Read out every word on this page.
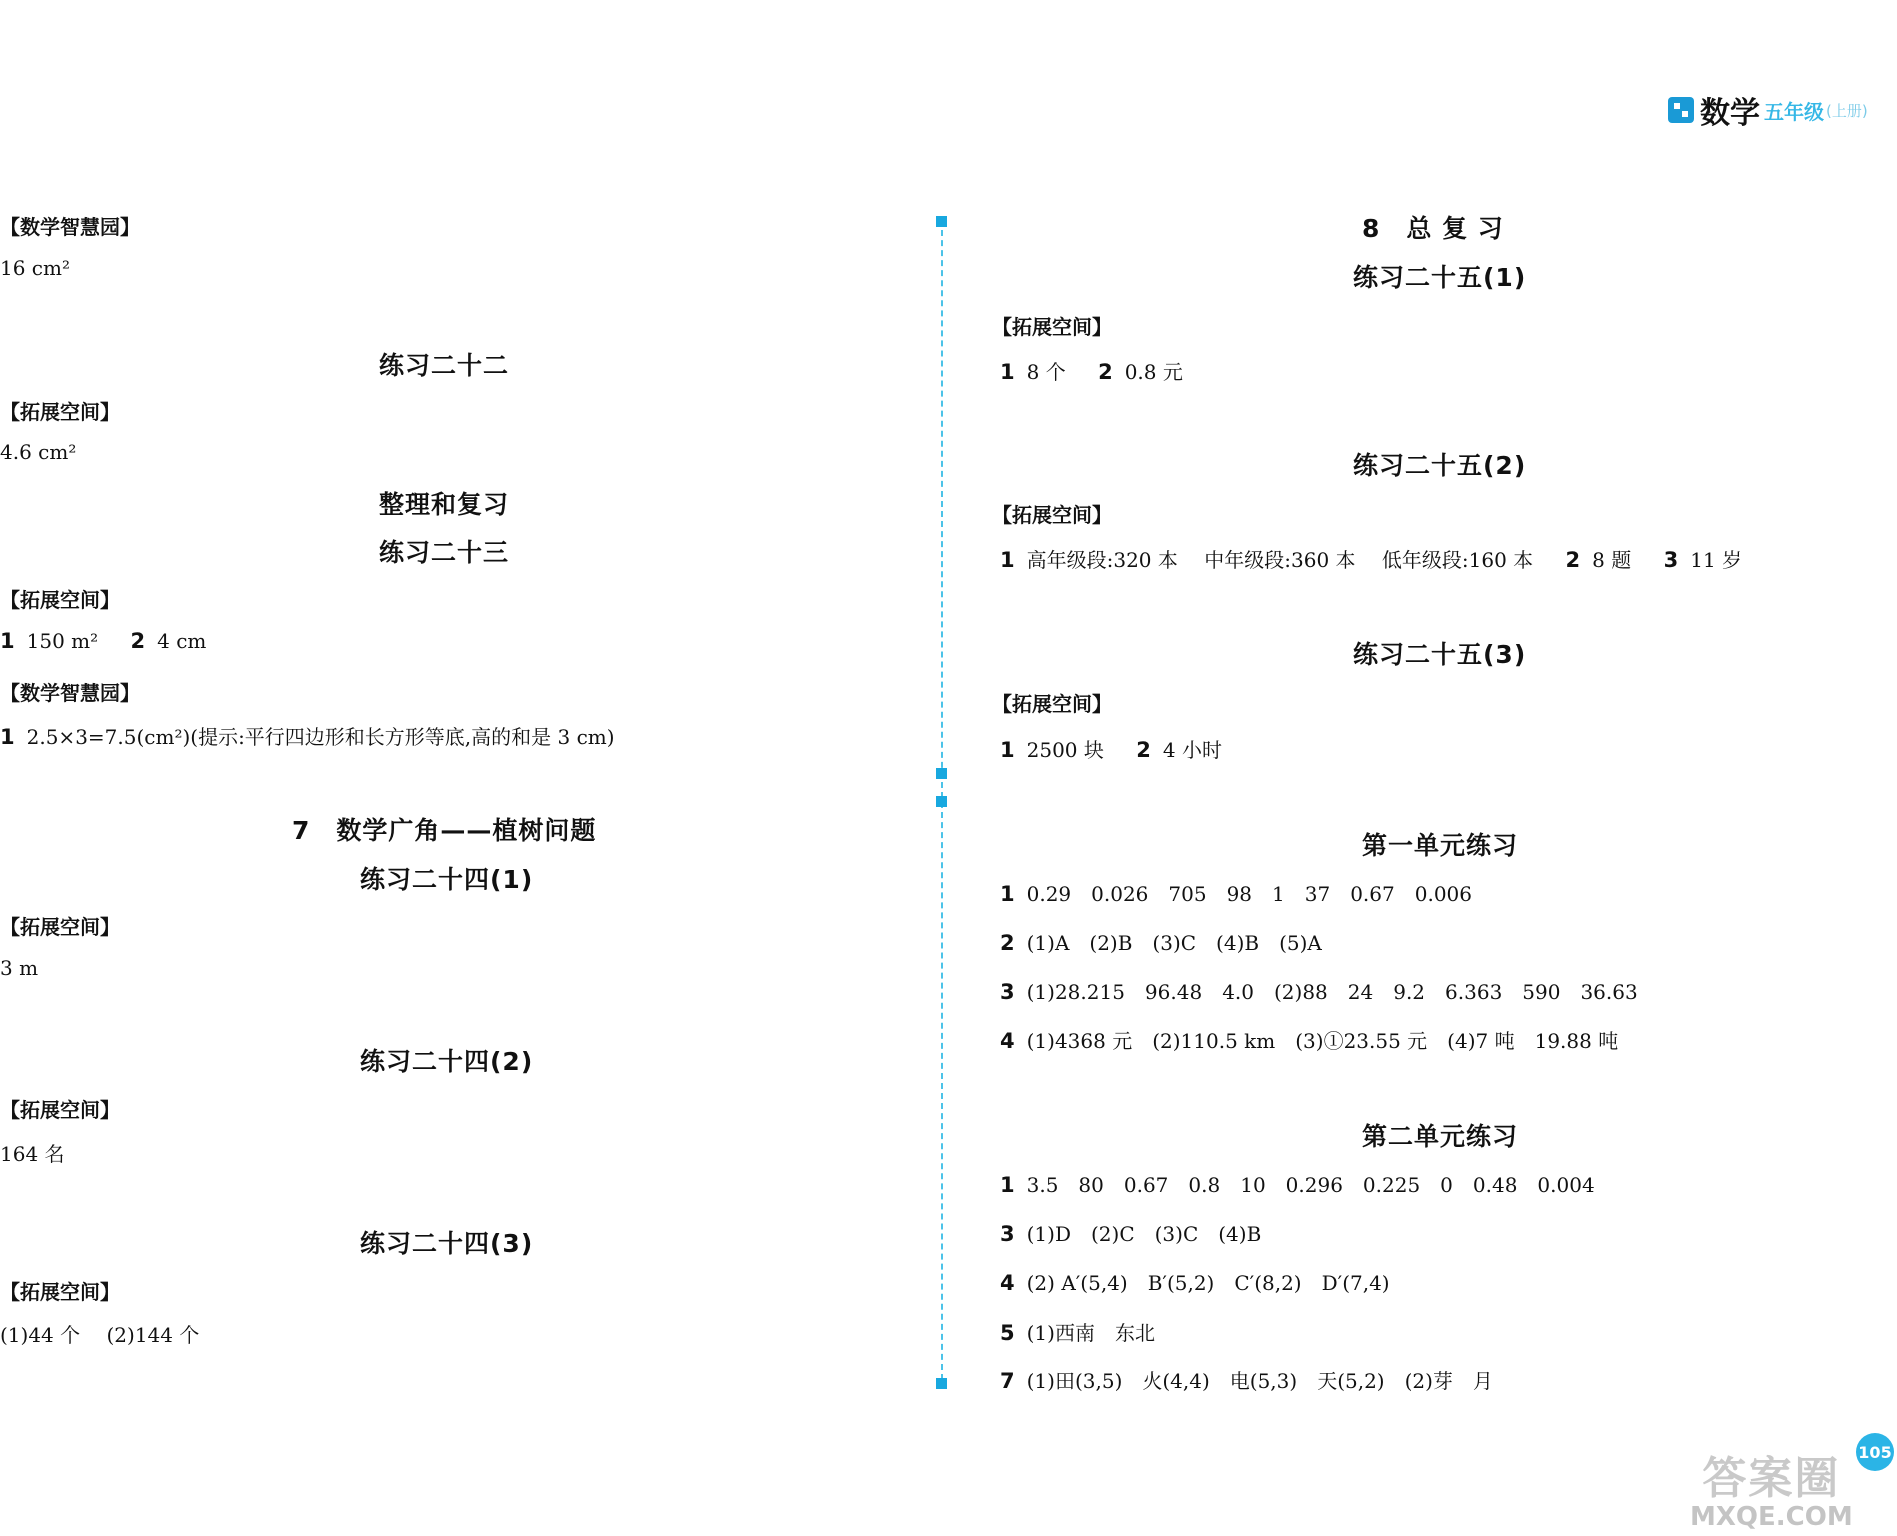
数学 五年级 (上册)
【数学智慧园】
16 cm²
练习二十二
【拓展空间】
4.6 cm²
整理和复习
练习二十三
【拓展空间】
1 150 m² 2 4 cm
【数学智慧园】
1 2.5×3=7.5(cm²)(提示:平行四边形和长方形等底,高的和是 3 cm)
7　数学广角——植树问题
练习二十四(1)
【拓展空间】
3 m
练习二十四(2)
【拓展空间】
164 名
练习二十四(3)
【拓展空间】
(1)44 个　 (2)144 个
8　总 复 习
练习二十五(1)
【拓展空间】
1 8 个 2 0.8 元
练习二十五(2)
【拓展空间】
1 高年级段:320 本　 中年级段:360 本　 低年级段:160 本 2 8 题 3 11 岁
练习二十五(3)
【拓展空间】
1 2500 块 2 4 小时
第一单元练习
1 0.29　0.026　705　98　1　37　0.67　0.006
2 (1)A　(2)B　(3)C　(4)B　(5)A
3 (1)28.215　96.48　4.0　(2)88　24　9.2　6.363　590　36.63
4 (1)4368 元　(2)110.5 km　(3)①23.55 元　(4)7 吨　19.88 吨
第二单元练习
1 3.5　80　0.67　0.8　10　0.296　0.225　0　0.48　0.004
3 (1)D　(2)C　(3)C　(4)B
4 (2) A′(5,4)　B′(5,2)　C′(8,2)　D′(7,4)
5 (1)西南　东北
7 (1)田(3,5)　火(4,4)　电(5,3)　天(5,2)　(2)芽　月
105
答案圈
MXQE.COM
